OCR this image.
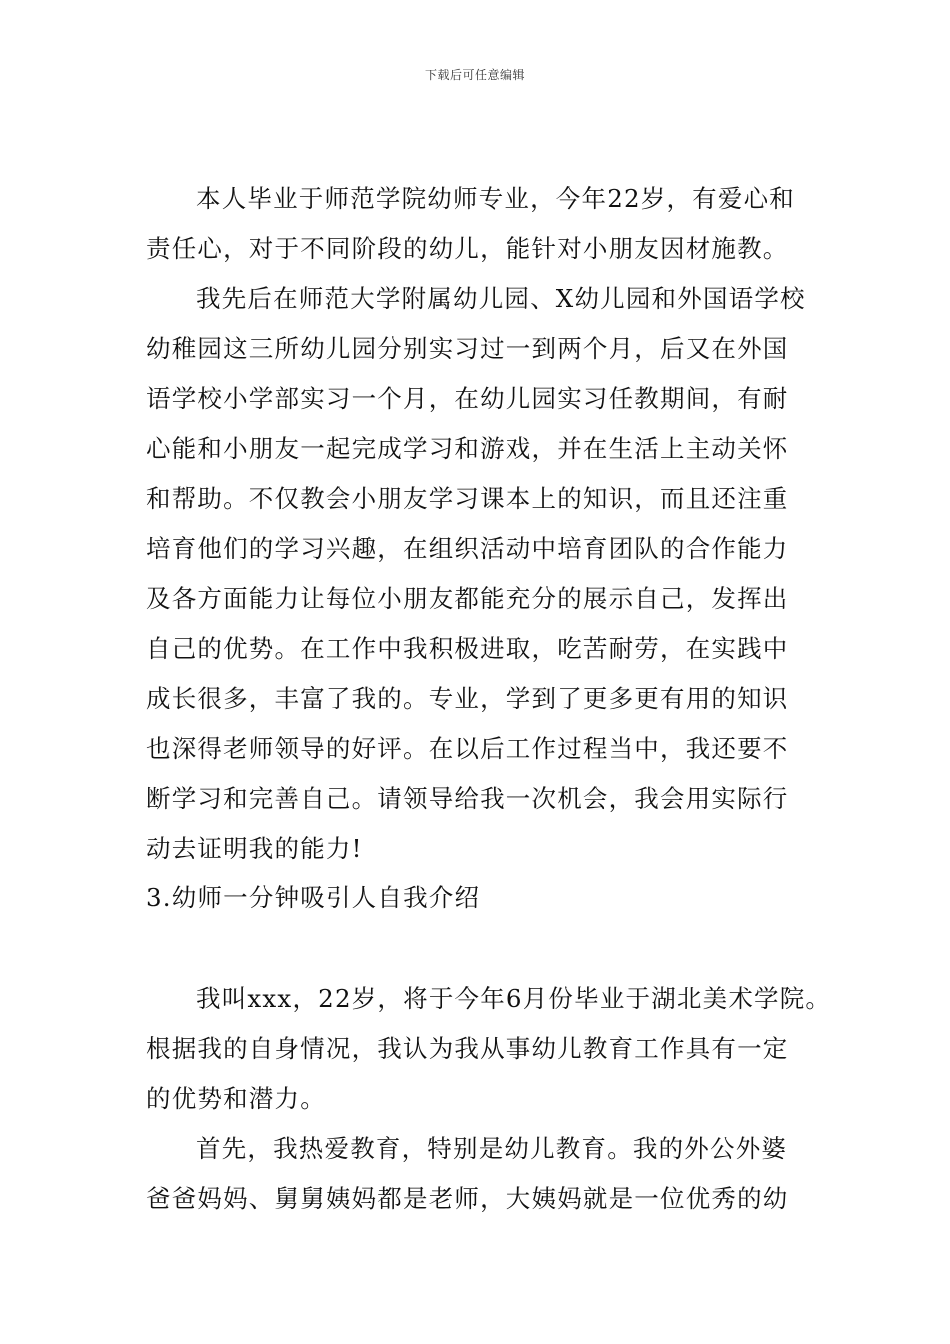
下载后可任意编辑
本人毕业于师范学院幼师专业，今年22岁，有爱心和
责任心，对于不同阶段的幼儿，能针对小朋友因材施教。
我先后在师范大学附属幼儿园、X幼儿园和外国语学校
幼稚园这三所幼儿园分别实习过一到两个月，后又在外国
语学校小学部实习一个月，在幼儿园实习任教期间，有耐
心能和小朋友一起完成学习和游戏，并在生活上主动关怀
和帮助。不仅教会小朋友学习课本上的知识，而且还注重
培育他们的学习兴趣，在组织活动中培育团队的合作能力
及各方面能力让每位小朋友都能充分的展示自己，发挥出
自己的优势。在工作中我积极进取，吃苦耐劳，在实践中
成长很多，丰富了我的。专业，学到了更多更有用的知识
也深得老师领导的好评。在以后工作过程当中，我还要不
断学习和完善自己。请领导给我一次机会，我会用实际行
动去证明我的能力!
3.幼师一分钟吸引人自我介绍
我叫xxx，22岁，将于今年6月份毕业于湖北美术学院。
根据我的自身情况，我认为我从事幼儿教育工作具有一定
的优势和潜力。
首先，我热爱教育，特别是幼儿教育。我的外公外婆
爸爸妈妈、舅舅姨妈都是老师，大姨妈就是一位优秀的幼
